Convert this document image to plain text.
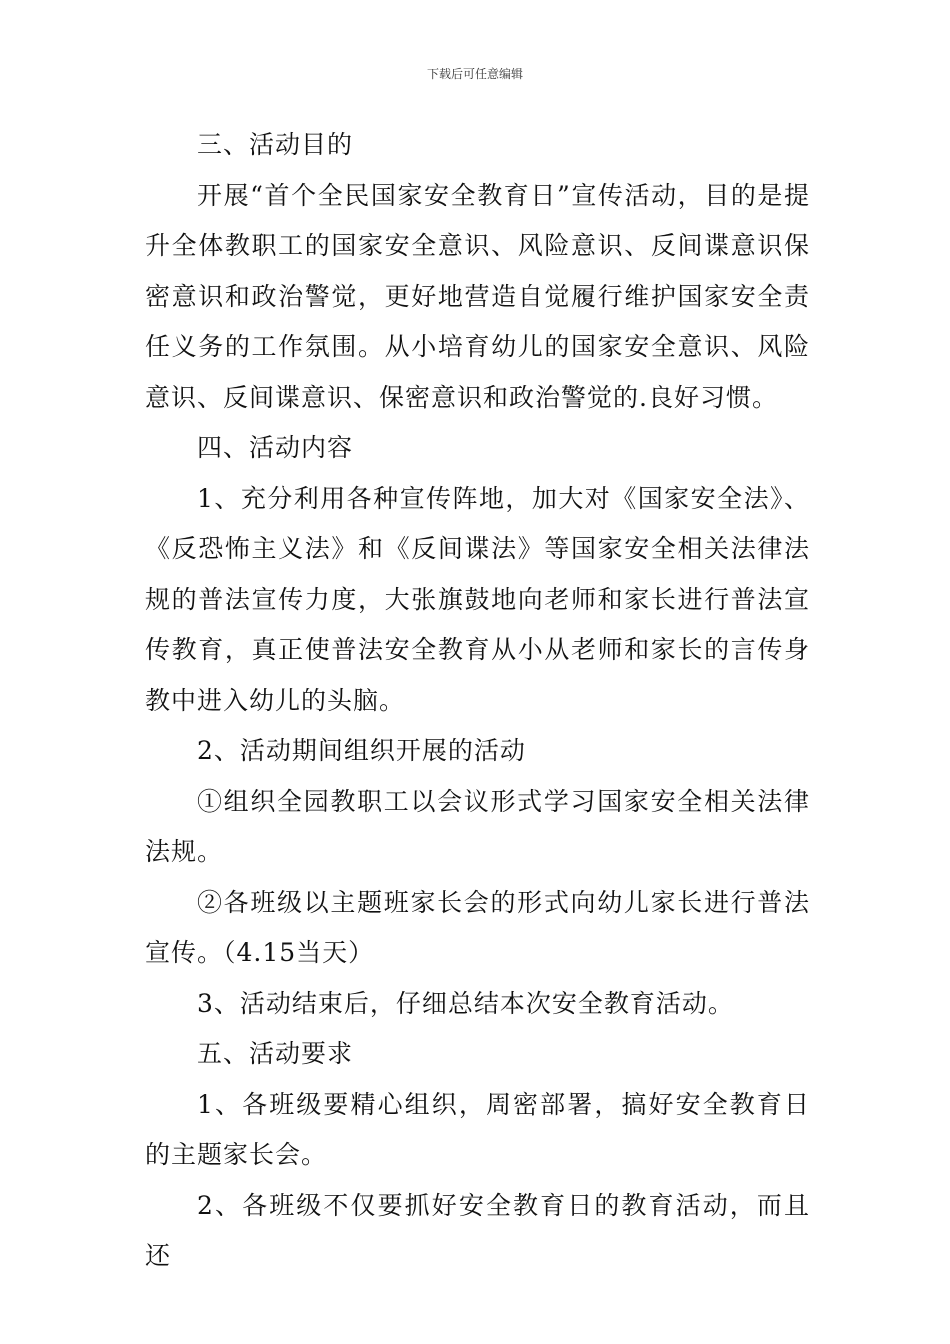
下载后可任意编辑

三、活动目的

开展“首个全民国家安全教育日”宣传活动，目的是提升全体教职工的国家安全意识、风险意识、反间谍意识保密意识和政治警觉，更好地营造自觉履行维护国家安全责任义务的工作氛围。从小培育幼儿的国家安全意识、风险意识、反间谍意识、保密意识和政治警觉的.良好习惯。

四、活动内容

1、充分利用各种宣传阵地，加大对《国家安全法》、《反恐怖主义法》和《反间谍法》等国家安全相关法律法规的普法宣传力度，大张旗鼓地向老师和家长进行普法宣传教育，真正使普法安全教育从小从老师和家长的言传身教中进入幼儿的头脑。

2、活动期间组织开展的活动

①组织全园教职工以会议形式学习国家安全相关法律法规。

②各班级以主题班家长会的形式向幼儿家长进行普法宣传。（4.15当天）

3、活动结束后，仔细总结本次安全教育活动。

五、活动要求

1、各班级要精心组织，周密部署，搞好安全教育日的主题家长会。

2、各班级不仅要抓好安全教育日的教育活动，而且还
